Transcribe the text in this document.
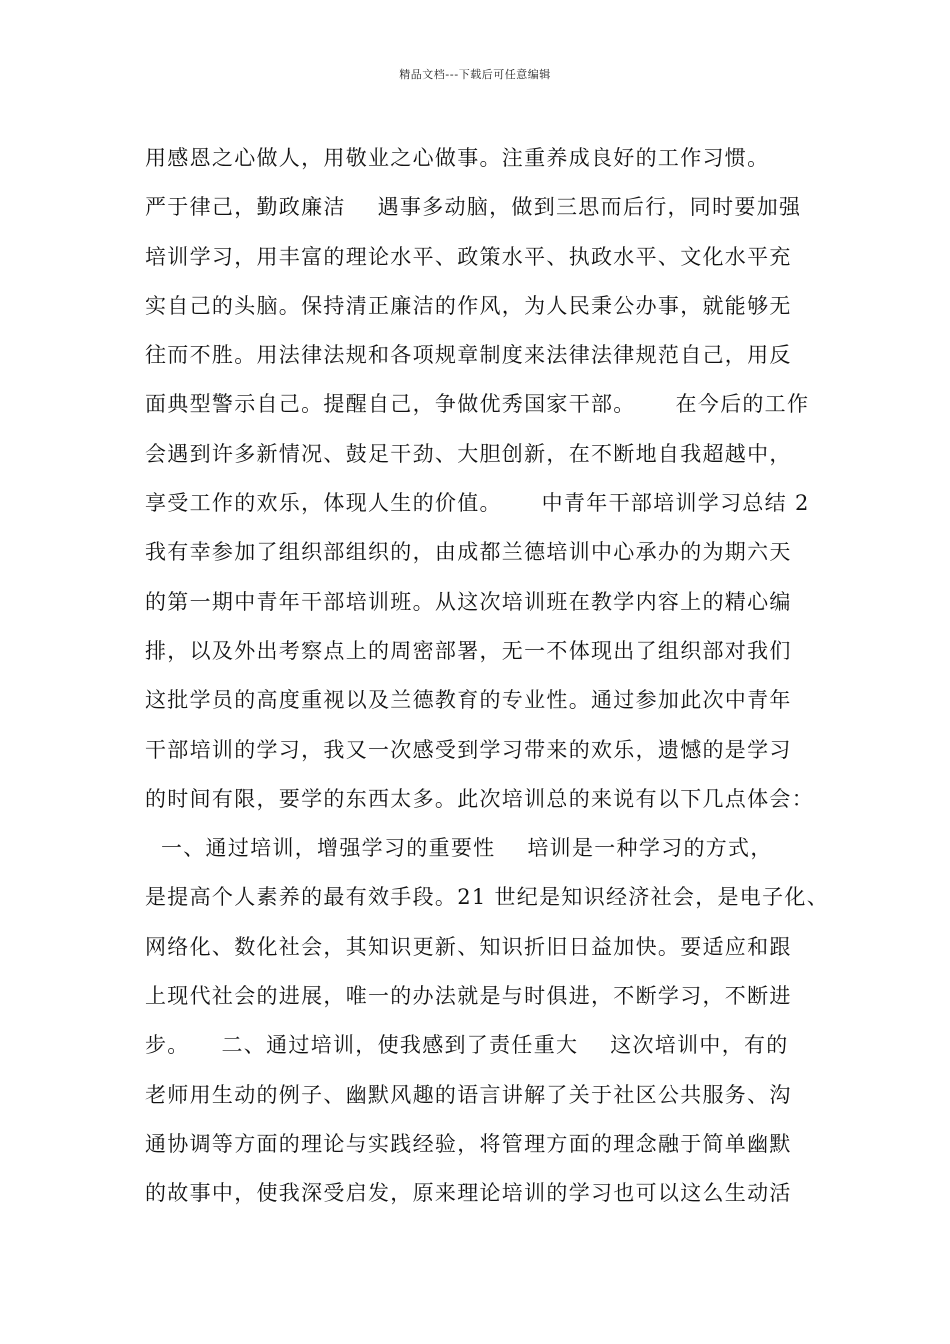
精品文档---下载后可任意编辑
用感恩之心做人，用敬业之心做事。注重养成良好的工作习惯。
严于律己，勤政廉洁    遇事多动脑，做到三思而后行，同时要加强
培训学习，用丰富的理论水平、政策水平、执政水平、文化水平充
实自己的头脑。保持清正廉洁的作风，为人民秉公办事，就能够无
往而不胜。用法律法规和各项规章制度来法律法律规范自己，用反
面典型警示自己。提醒自己，争做优秀国家干部。     在今后的工作
会遇到许多新情况、鼓足干劲、大胆创新，在不断地自我超越中，
享受工作的欢乐，体现人生的价值。     中青年干部培训学习总结 2
我有幸参加了组织部组织的，由成都兰德培训中心承办的为期六天
的第一期中青年干部培训班。从这次培训班在教学内容上的精心编
排，以及外出考察点上的周密部署，无一不体现出了组织部对我们
这批学员的高度重视以及兰德教育的专业性。通过参加此次中青年
干部培训的学习，我又一次感受到学习带来的欢乐，遗憾的是学习
的时间有限，要学的东西太多。此次培训总的来说有以下几点体会：
一、通过培训，增强学习的重要性    培训是一种学习的方式，
是提高个人素养的最有效手段。21 世纪是知识经济社会，是电子化、
网络化、数化社会，其知识更新、知识折旧日益加快。要适应和跟
上现代社会的进展，唯一的办法就是与时俱进，不断学习，不断进
步。    二、通过培训，使我感到了责任重大    这次培训中，有的
老师用生动的例子、幽默风趣的语言讲解了关于社区公共服务、沟
通协调等方面的理论与实践经验，将管理方面的理念融于简单幽默
的故事中，使我深受启发，原来理论培训的学习也可以这么生动活
